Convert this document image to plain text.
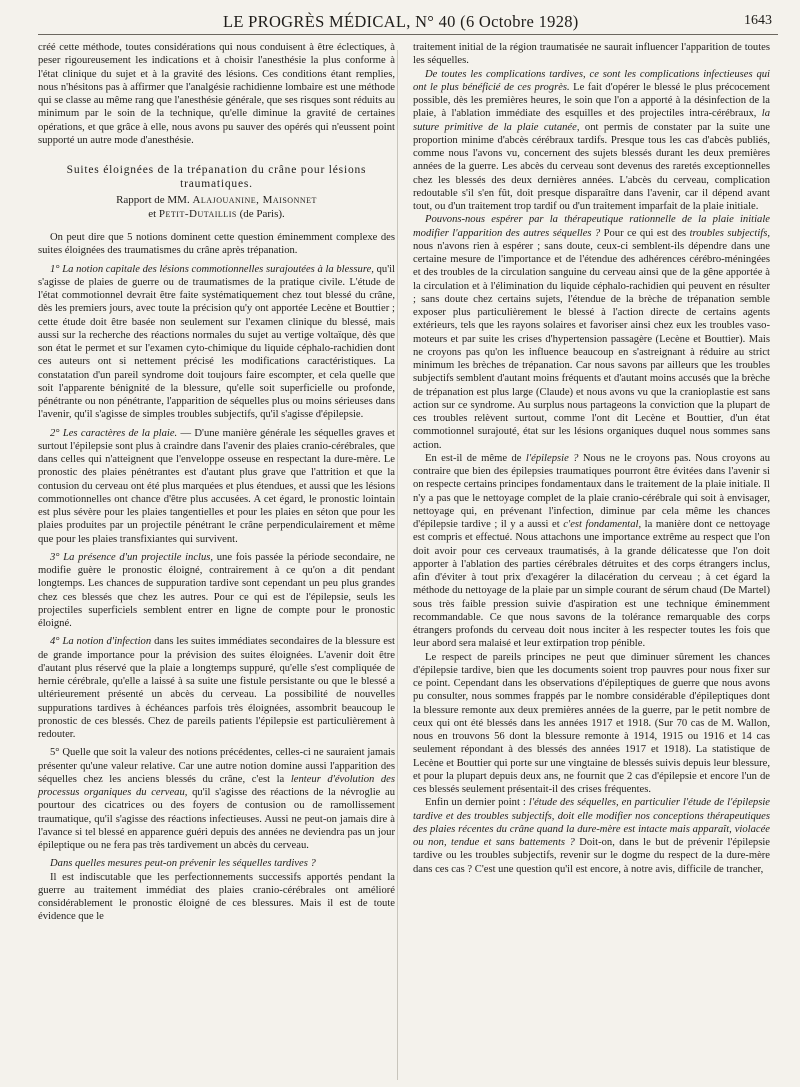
LE PROGRÈS MÉDICAL, N° 40 (6 Octobre 1928)	1643

créé cette méthode, toutes considérations qui nous conduisent à être éclectiques, à peser rigoureusement les indications et à choisir l'anesthésie la plus conforme à l'état clinique du sujet et à la gravité des lésions. Ces conditions étant remplies, nous n'hésitons pas à affirmer que l'analgésie rachidienne lombaire est une méthode qui se classe au même rang que l'anesthésie générale, que ses risques sont réduits au minimum par le soin de la technique, qu'elle diminue la gravité de certaines opérations, et que grâce à elle, nous avons pu sauver des opérés qui n'eussent point supporté un autre mode d'anesthésie.

Suites éloignées de la trépanation du crâne pour lésions traumatiques.
Rapport de MM. Alajouanine, Maisonnet
et Petit-Dutaillis (de Paris).

On peut dire que 5 notions dominent cette question éminemment complexe des suites éloignées des traumatismes du crâne après trépanation.

1° La notion capitale des lésions commotionnelles surajoutées à la blessure, qu'il s'agisse de plaies de guerre ou de traumatismes de la pratique civile. L'étude de l'état commotionnel devrait être faite systématiquement chez tout blessé du crâne, dès les premiers jours, avec toute la précision qu'y ont apportée Lecène et Bouttier ; cette étude doit être basée non seulement sur l'examen clinique du blessé, mais aussi sur la recherche des réactions normales du sujet au vertige voltaïque, dès que son état le permet et sur l'examen cyto-chimique du liquide céphalo-rachidien dont ces auteurs ont si nettement précisé les modifications caractéristiques. La constatation d'un pareil syndrome doit toujours faire escompter, et cela quelle que soit l'apparente bénignité de la blessure, qu'elle soit superficielle ou profonde, pénétrante ou non pénétrante, l'apparition de séquelles plus ou moins sérieuses dans l'avenir, qu'il s'agisse de simples troubles subjectifs, qu'il s'agisse d'épilepsie.

2° Les caractères de la plaie. — D'une manière générale les séquelles graves et surtout l'épilepsie sont plus à craindre dans l'avenir des plaies cranio-cérébrales, que dans celles qui n'atteignent que l'enveloppe osseuse en respectant la dure-mère. Le pronostic des plaies pénétrantes est d'autant plus grave que l'attrition et que la contusion du cerveau ont été plus marquées et plus étendues, et aussi que les lésions commotionnelles ont chance d'être plus accusées. A cet égard, le pronostic lointain est plus sévère pour les plaies tangentielles et pour les plaies en séton que pour les plaies produites par un projectile pénétrant le crâne perpendiculairement et même que pour les plaies transfixiantes qui survivent.

3° La présence d'un projectile inclus, une fois passée la période secondaire, ne modifie guère le pronostic éloigné, contrairement à ce qu'on a dit pendant longtemps. Les chances de suppuration tardive sont cependant un peu plus grandes chez ces blessés que chez les autres. Pour ce qui est de l'épilepsie, seuls les projectiles superficiels semblent entrer en ligne de compte pour le pronostic éloigné.

4° La notion d'infection dans les suites immédiates secondaires de la blessure est de grande importance pour la prévision des suites éloignées. L'avenir doit être d'autant plus réservé que la plaie a longtemps suppuré, qu'elle s'est compliquée de hernie cérébrale, qu'elle a laissé à sa suite une fistule persistante ou que le blessé a ultérieurement présenté un abcès du cerveau. La possibilité de nouvelles suppurations tardives à échéances parfois très éloignées, assombrit beaucoup le pronostic de ces blessés. Chez de pareils patients l'épilepsie est particulièrement à redouter.

5° Quelle que soit la valeur des notions précédentes, celles-ci ne sauraient jamais présenter qu'une valeur relative. Car une autre notion domine aussi l'apparition des séquelles chez les anciens blessés du crâne, c'est la lenteur d'évolution des processus organiques du cerveau, qu'il s'agisse des réactions de la névroglie au pourtour des cicatrices ou des foyers de contusion ou de ramollissement traumatique, qu'il s'agisse des réactions infectieuses. Aussi ne peut-on jamais dire à l'avance si tel blessé en apparence guéri depuis des années ne deviendra pas un jour épileptique ou ne fera pas très tardivement un abcès du cerveau.

Dans quelles mesures peut-on prévenir les séquelles tardives ?

Il est indiscutable que les perfectionnements successifs apportés pendant la guerre au traitement immédiat des plaies cranio-cérébrales ont amélioré considérablement le pronostic éloigné de ces blessures. Mais il est de toute évidence que le

traitement initial de la région traumatisée ne saurait influencer l'apparition de toutes les séquelles.

De toutes les complications tardives, ce sont les complications infectieuses qui ont le plus bénéficié de ces progrès. Le fait d'opérer le blessé le plus précocement possible, dès les premières heures, le soin que l'on a apporté à la désinfection de la plaie, à l'ablation immédiate des esquilles et des projectiles intra-cérébraux, la suture primitive de la plaie cutanée, ont permis de constater par la suite une proportion minime d'abcès cérébraux tardifs. Presque tous les cas d'abcès publiés, comme nous l'avons vu, concernent des sujets blessés durant les deux premières années de la guerre. Les abcès du cerveau sont devenus des raretés exceptionnelles chez les blessés des deux dernières années. L'abcès du cerveau, complication redoutable s'il s'en fût, doit presque disparaître dans l'avenir, car il dépend avant tout, ou d'un traitement trop tardif ou d'un traitement imparfait de la plaie initiale.

Pouvons-nous espérer par la thérapeutique rationnelle de la plaie initiale modifier l'apparition des autres séquelles ? Pour ce qui est des troubles subjectifs, nous n'avons rien à espérer ; sans doute, ceux-ci semblent-ils dépendre dans une certaine mesure de l'importance et de l'étendue des adhérences cérébro-méningées et des troubles de la circulation sanguine du cerveau ainsi que de la gêne apportée à la circulation et à l'élimination du liquide céphalo-rachidien qui peuvent en résulter ; sans doute chez certains sujets, l'étendue de la brèche de trépanation semble exposer plus particulièrement le blessé à l'action directe de certains agents extérieurs, tels que les rayons solaires et favoriser ainsi chez eux les troubles vaso-moteurs et par suite les crises d'hypertension passagère (Lecène et Bouttier). Mais ne croyons pas qu'on les influence beaucoup en s'astreignant à réduire au strict minimum les brèches de trépanation. Car nous savons par ailleurs que les troubles subjectifs semblent d'autant moins fréquents et d'autant moins accusés que la brèche de trépanation est plus large (Claude) et nous avons vu que la cranioplastie est sans action sur ce syndrome. Au surplus nous partageons la conviction que la plupart de ces troubles relèvent surtout, comme l'ont dit Lecène et Bouttier, d'un état commotionnel surajouté, état sur les lésions organiques duquel nous sommes sans action.

En est-il de même de l'épilepsie ? Nous ne le croyons pas. Nous croyons au contraire que bien des épilepsies traumatiques pourront être évitées dans l'avenir si on respecte certains principes fondamentaux dans le traitement de la plaie initiale. Il n'y a pas que le nettoyage complet de la plaie cranio-cérébrale qui soit à envisager, nettoyage qui, en prévenant l'infection, diminue par cela même les chances d'épilepsie tardive ; il y a aussi et c'est fondamental, la manière dont ce nettoyage est compris et effectué. Nous attachons une importance extrême au respect que l'on doit avoir pour ces cerveaux traumatisés, à la grande délicatesse que l'on doit apporter à l'ablation des parties cérébrales détruites et des corps étrangers inclus, afin d'éviter à tout prix d'exagérer la dilacération du cerveau ; à cet égard la méthode du nettoyage de la plaie par un simple courant de sérum chaud (De Martel) sous très faible pression suivie d'aspiration est une technique éminemment recommandable. Ce que nous savons de la tolérance remarquable des corps étrangers profonds du cerveau doit nous inciter à les respecter toutes les fois que leur abord sera malaisé et leur extirpation trop pénible.

Le respect de pareils principes ne peut que diminuer sûrement les chances d'épilepsie tardive, bien que les documents soient trop pauvres pour nous fixer sur ce point. Cependant dans les observations d'épileptiques de guerre que nous avons pu consulter, nous sommes frappés par le nombre considérable d'épileptiques dont la blessure remonte aux deux premières années de la guerre, par le petit nombre de ceux qui ont été blessés dans les années 1917 et 1918. (Sur 70 cas de M. Wallon, nous en trouvons 56 dont la blessure remonte à 1914, 1915 ou 1916 et 14 cas seulement répondant à des blessés des années 1917 et 1918). La statistique de Lecène et Bouttier qui porte sur une vingtaine de blessés suivis depuis leur blessure, et pour la plupart depuis deux ans, ne fournit que 2 cas d'épilepsie et encore l'un de ces blessés seulement présentait-il des crises fréquentes.

Enfin un dernier point : l'étude des séquelles, en particulier l'étude de l'épilepsie tardive et des troubles subjectifs, doit elle modifier nos conceptions thérapeutiques des plaies récentes du crâne quand la dure-mère est intacte mais apparaît, violacée ou non, tendue et sans battements ? Doit-on, dans le but de prévenir l'épilepsie tardive ou les troubles subjectifs, revenir sur le dogme du respect de la dure-mère dans ces cas ? C'est une question qu'il est encore, à notre avis, difficile de trancher,
